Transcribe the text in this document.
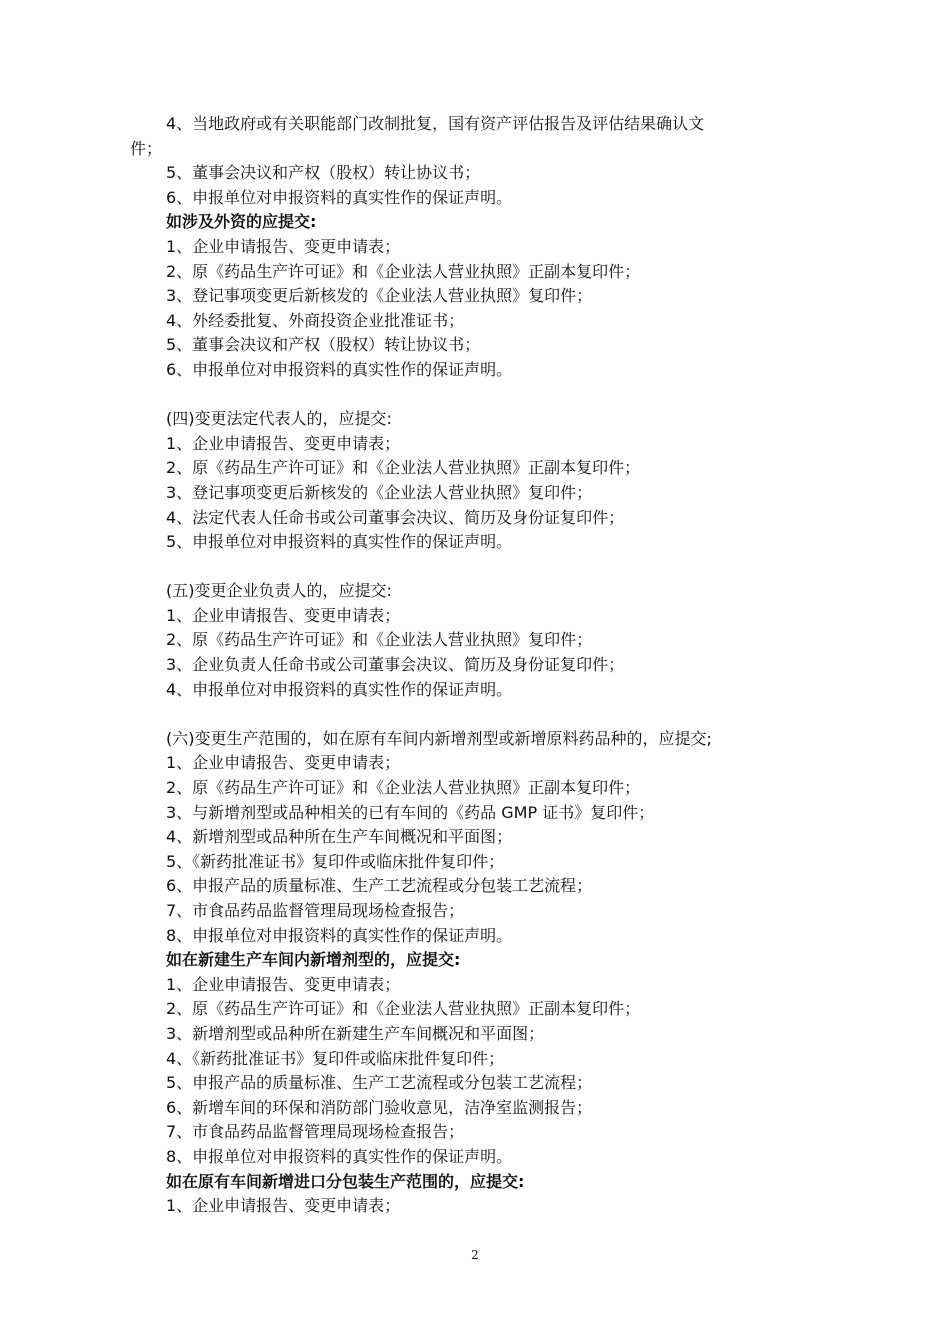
4、当地政府或有关职能部门改制批复，国有资产评估报告及评估结果确认文
件；
5、董事会决议和产权（股权）转让协议书；
6、申报单位对申报资料的真实性作的保证声明。
如涉及外资的应提交:
1、企业申请报告、变更申请表；
2、原《药品生产许可证》和《企业法人营业执照》正副本复印件；
3、登记事项变更后新核发的《企业法人营业执照》复印件；
4、外经委批复、外商投资企业批准证书；
5、董事会决议和产权（股权）转让协议书；
6、申报单位对申报资料的真实性作的保证声明。
(四)变更法定代表人的，应提交:
1、企业申请报告、变更申请表；
2、原《药品生产许可证》和《企业法人营业执照》正副本复印件；
3、登记事项变更后新核发的《企业法人营业执照》复印件；
4、法定代表人任命书或公司董事会决议、简历及身份证复印件；
5、申报单位对申报资料的真实性作的保证声明。
(五)变更企业负责人的，应提交:
1、企业申请报告、变更申请表；
2、原《药品生产许可证》和《企业法人营业执照》复印件；
3、企业负责人任命书或公司董事会决议、简历及身份证复印件；
4、申报单位对申报资料的真实性作的保证声明。
(六)变更生产范围的，如在原有车间内新增剂型或新增原料药品种的，应提交;
1、企业申请报告、变更申请表；
2、原《药品生产许可证》和《企业法人营业执照》正副本复印件；
3、与新增剂型或品种相关的已有车间的《药品 GMP 证书》复印件；
4、新增剂型或品种所在生产车间概况和平面图；
5、《新药批准证书》复印件或临床批件复印件；
6、申报产品的质量标准、生产工艺流程或分包装工艺流程；
7、市食品药品监督管理局现场检查报告；
8、申报单位对申报资料的真实性作的保证声明。
如在新建生产车间内新增剂型的，应提交:
1、企业申请报告、变更申请表；
2、原《药品生产许可证》和《企业法人营业执照》正副本复印件；
3、新增剂型或品种所在新建生产车间概况和平面图；
4、《新药批准证书》复印件或临床批件复印件；
5、申报产品的质量标准、生产工艺流程或分包装工艺流程；
6、新增车间的环保和消防部门验收意见，洁净室监测报告；
7、市食品药品监督管理局现场检查报告；
8、申报单位对申报资料的真实性作的保证声明。
如在原有车间新增进口分包装生产范围的，应提交:
1、企业申请报告、变更申请表；
2
